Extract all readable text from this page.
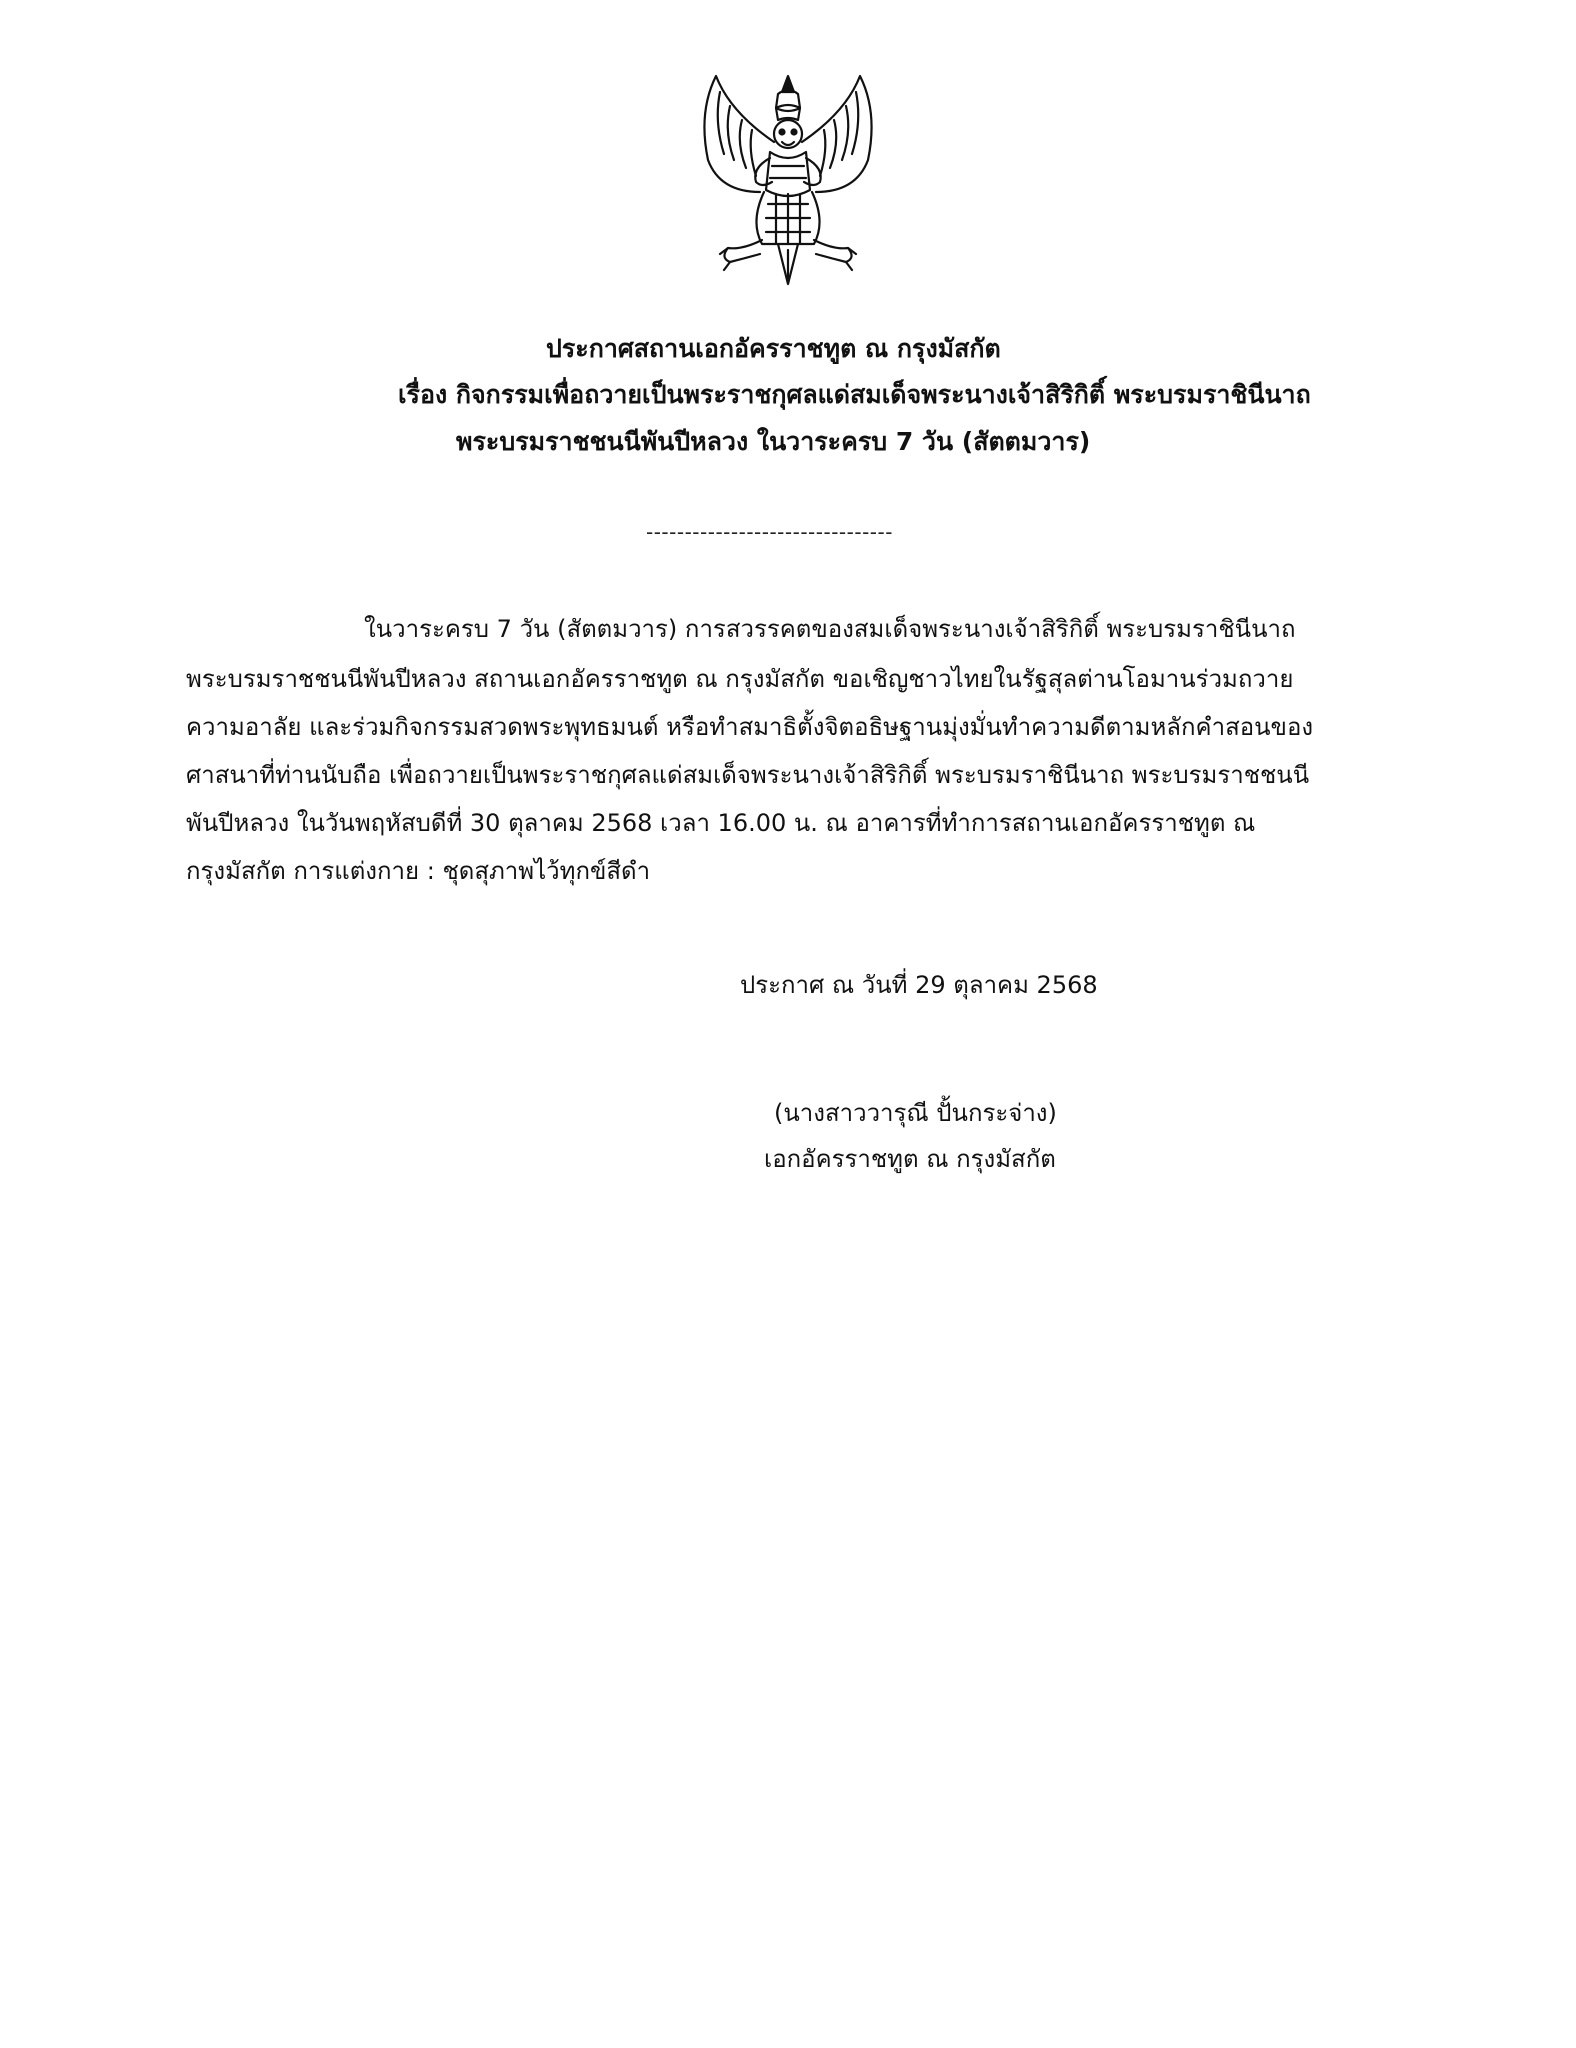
ประกาศสถานเอกอัครราชทูต ณ กรุงมัสกัต
เรื่อง กิจกรรมเพื่อถวายเป็นพระราชกุศลแด่สมเด็จพระนางเจ้าสิริกิติ์ พระบรมราชินีนาถ
พระบรมราชชนนีพันปีหลวง ในวาระครบ 7 วัน (สัตตมวาร)
--------------------------------
ในวาระครบ 7 วัน (สัตตมวาร) การสวรรคตของสมเด็จพระนางเจ้าสิริกิติ์ พระบรมราชินีนาถ
พระบรมราชชนนีพันปีหลวง สถานเอกอัครราชทูต ณ กรุงมัสกัต ขอเชิญชาวไทยในรัฐสุลต่านโอมานร่วมถวาย
ความอาลัย และร่วมกิจกรรมสวดพระพุทธมนต์ หรือทำสมาธิตั้งจิตอธิษฐานมุ่งมั่นทำความดีตามหลักคำสอนของ
ศาสนาที่ท่านนับถือ เพื่อถวายเป็นพระราชกุศลแด่สมเด็จพระนางเจ้าสิริกิติ์ พระบรมราชินีนาถ พระบรมราชชนนี
พันปีหลวง ในวันพฤหัสบดีที่ 30 ตุลาคม 2568 เวลา 16.00 น. ณ อาคารที่ทำการสถานเอกอัครราชทูต ณ
กรุงมัสกัต การแต่งกาย : ชุดสุภาพไว้ทุกข์สีดำ
ประกาศ ณ วันที่ 29 ตุลาคม 2568
(นางสาววารุณี ปั้นกระจ่าง)
เอกอัครราชทูต ณ กรุงมัสกัต
